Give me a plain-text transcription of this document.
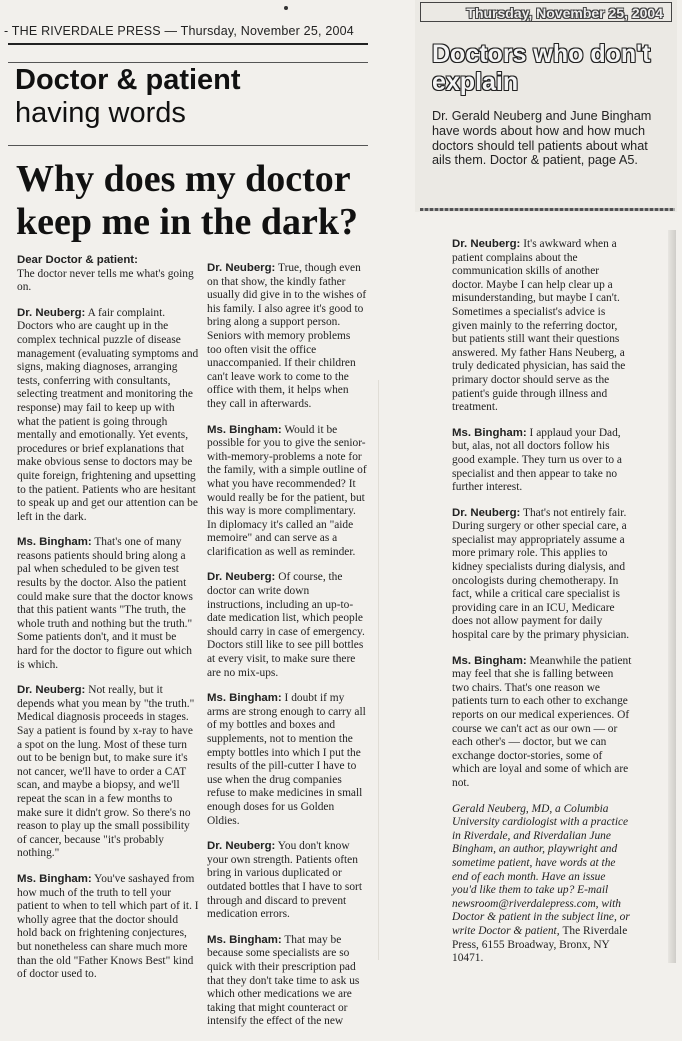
- THE RIVERDALE PRESS — Thursday, November 25, 2004
Doctor & patient
having words
Why does my doctor keep me in the dark?
Thursday, November 25, 2004
Doctors who don't explain
Dr. Gerald Neuberg and June Bingham have words about how and how much doctors should tell patients about what ails them. Doctor & patient, page A5.

Dear Doctor & patient:
The doctor never tells me what's going on.

Dr. Neuberg: A fair complaint. Doctors who are caught up in the complex technical puzzle of disease management (evaluating symptoms and signs, making diagnoses, arranging tests, conferring with consultants, selecting treatment and monitoring the response) may fail to keep up with what the patient is going through mentally and emotionally. Yet events, procedures or brief explanations that make obvious sense to doctors may be quite foreign, frightening and upsetting to the patient. Patients who are hesitant to speak up and get our attention can be left in the dark.

Ms. Bingham: That's one of many reasons patients should bring along a pal when scheduled to be given test results by the doctor. Also the patient could make sure that the doctor knows that this patient wants "The truth, the whole truth and nothing but the truth." Some patients don't, and it must be hard for the doctor to figure out which is which.

Dr. Neuberg: Not really, but it depends what you mean by "the truth." Medical diagnosis proceeds in stages. Say a patient is found by x-ray to have a spot on the lung. Most of these turn out to be benign but, to make sure it's not cancer, we'll have to order a CAT scan, and maybe a biopsy, and we'll repeat the scan in a few months to make sure it didn't grow. So there's no reason to play up the small possibility of cancer, because "it's probably nothing."

Ms. Bingham: You've sashayed from how much of the truth to tell your patient to when to tell which part of it. I wholly agree that the doctor should hold back on frightening conjectures, but nonetheless can share much more than the old "Father Knows Best" kind of doctor used to.

Dr. Neuberg: True, though even on that show, the kindly father usually did give in to the wishes of his family. I also agree it's good to bring along a support person. Seniors with memory problems too often visit the office unaccompanied. If their children can't leave work to come to the office with them, it helps when they call in afterwards.

Ms. Bingham: Would it be possible for you to give the senior-with-memory-problems a note for the family, with a simple outline of what you have recommended? It would really be for the patient, but this way is more complimentary. In diplomacy it's called an "aide memoire" and can serve as a clarification as well as reminder.

Dr. Neuberg: Of course, the doctor can write down instructions, including an up-to-date medication list, which people should carry in case of emergency. Doctors still like to see pill bottles at every visit, to make sure there are no mix-ups.

Ms. Bingham: I doubt if my arms are strong enough to carry all of my bottles and boxes and supplements, not to mention the empty bottles into which I put the results of the pill-cutter I have to use when the drug companies refuse to make medicines in small enough doses for us Golden Oldies.

Dr. Neuberg: You don't know your own strength. Patients often bring in various duplicated or outdated bottles that I have to sort through and discard to prevent medication errors.

Ms. Bingham: That may be because some specialists are so quick with their prescription pad that they don't take time to ask us which other medications we are taking that might counteract or intensify the effect of the new

Dr. Neuberg: It's awkward when a patient complains about the communication skills of another doctor. Maybe I can help clear up a misunderstanding, but maybe I can't. Sometimes a specialist's advice is given mainly to the referring doctor, but patients still want their questions answered. My father Hans Neuberg, a truly dedicated physician, has said the primary doctor should serve as the patient's guide through illness and treatment.

Ms. Bingham: I applaud your Dad, but, alas, not all doctors follow his good example. They turn us over to a specialist and then appear to take no further interest.

Dr. Neuberg: That's not entirely fair. During surgery or other special care, a specialist may appropriately assume a more primary role. This applies to kidney specialists during dialysis, and oncologists during chemotherapy. In fact, while a critical care specialist is providing care in an ICU, Medicare does not allow payment for daily hospital care by the primary physician.

Ms. Bingham: Meanwhile the patient may feel that she is falling between two chairs. That's one reason we patients turn to each other to exchange reports on our medical experiences. Of course we can't act as our own — or each other's — doctor, but we can exchange doctor-stories, some of which are loyal and some of which are not.

Gerald Neuberg, MD, a Columbia University cardiologist with a practice in Riverdale, and Riverdalian June Bingham, an author, playwright and sometime patient, have words at the end of each month. Have an issue you'd like them to take up? E-mail newsroom@riverdalepress.com, with Doctor & patient in the subject line, or write Doctor & patient, The Riverdale Press, 6155 Broadway, Bronx, NY 10471.
